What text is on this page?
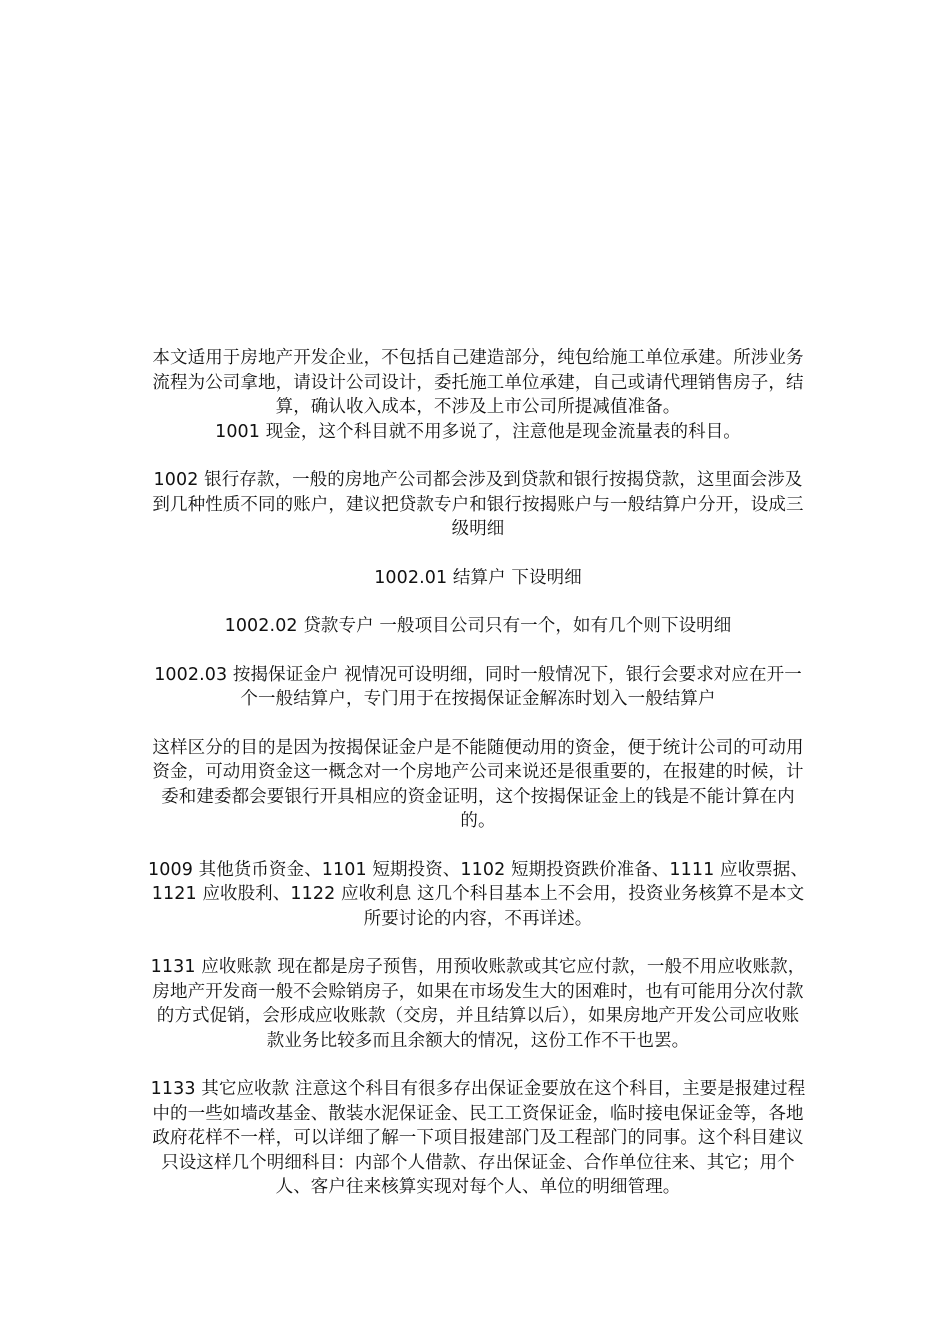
本文适用于房地产开发企业，不包括自己建造部分，纯包给施工单位承建。所涉业务流程为公司拿地，请设计公司设计，委托施工单位承建，自己或请代理销售房子，结算，确认收入成本，不涉及上市公司所提减值准备。

1001 现金，这个科目就不用多说了，注意他是现金流量表的科目。

1002 银行存款，一般的房地产公司都会涉及到贷款和银行按揭贷款，这里面会涉及到几种性质不同的账户，建议把贷款专户和银行按揭账户与一般结算户分开，设成三级明细

1002.01 结算户 下设明细

1002.02 贷款专户 一般项目公司只有一个，如有几个则下设明细

1002.03 按揭保证金户 视情况可设明细，同时一般情况下，银行会要求对应在开一个一般结算户，专门用于在按揭保证金解冻时划入一般结算户

这样区分的目的是因为按揭保证金户是不能随便动用的资金，便于统计公司的可动用资金，可动用资金这一概念对一个房地产公司来说还是很重要的，在报建的时候，计委和建委都会要银行开具相应的资金证明，这个按揭保证金上的钱是不能计算在内的。

1009 其他货币资金、1101 短期投资、1102 短期投资跌价准备、1111 应收票据、1121 应收股利、1122 应收利息 这几个科目基本上不会用，投资业务核算不是本文所要讨论的内容，不再详述。

1131 应收账款 现在都是房子预售，用预收账款或其它应付款，一般不用应收账款，房地产开发商一般不会赊销房子，如果在市场发生大的困难时，也有可能用分次付款的方式促销，会形成应收账款（交房，并且结算以后），如果房地产开发公司应收账款业务比较多而且余额大的情况，这份工作不干也罢。

1133 其它应收款 注意这个科目有很多存出保证金要放在这个科目，主要是报建过程中的一些如墙改基金、散装水泥保证金、民工工资保证金，临时接电保证金等，各地政府花样不一样，可以详细了解一下项目报建部门及工程部门的同事。这个科目建议只设这样几个明细科目：内部个人借款、存出保证金、合作单位往来、其它；用个人、客户往来核算实现对每个人、单位的明细管理。
